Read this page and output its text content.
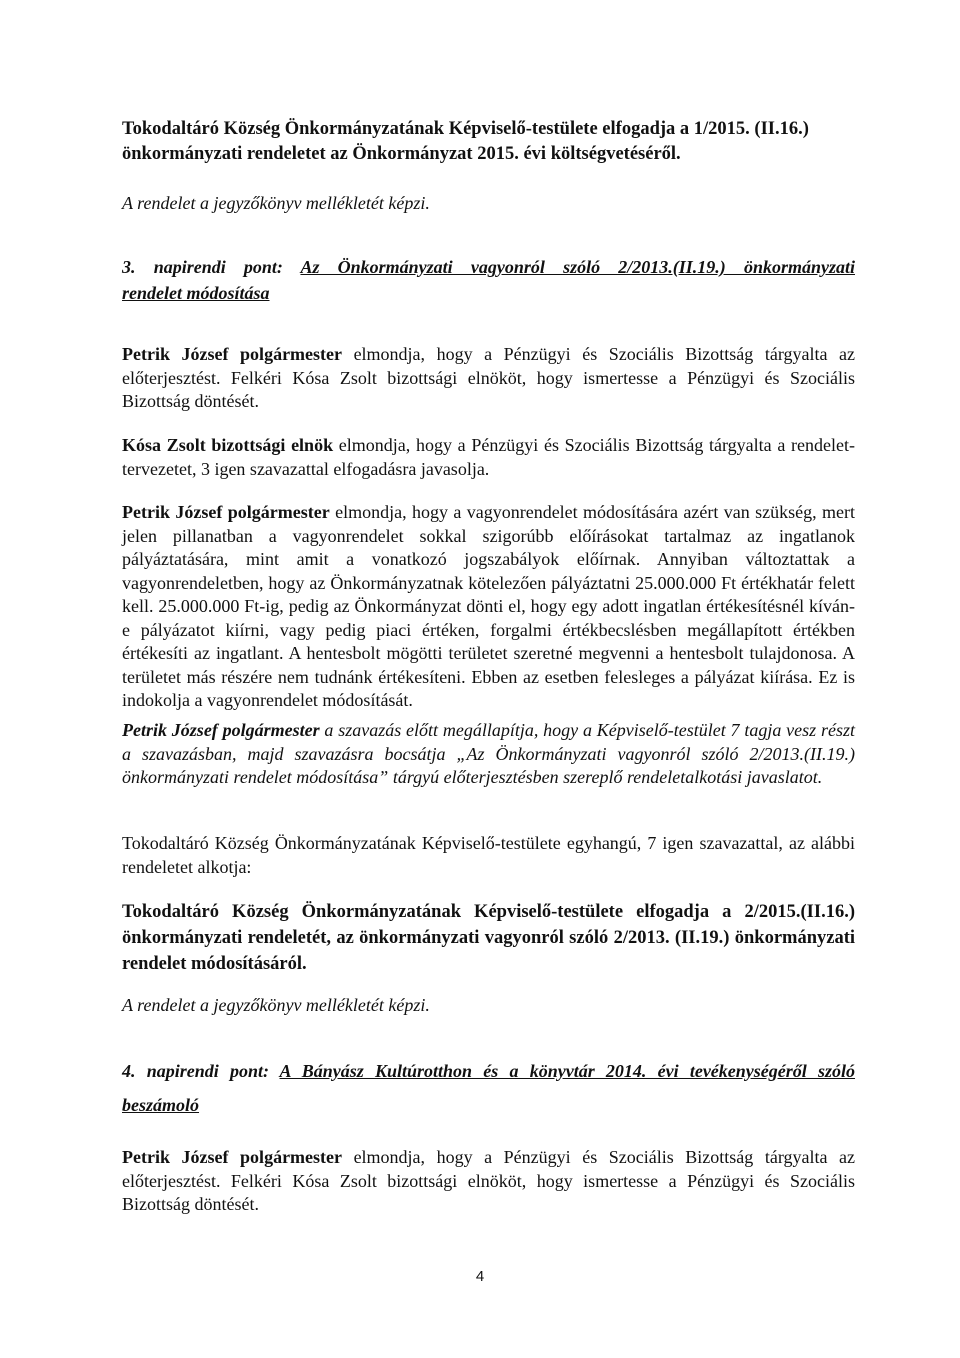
Tokodaltáró Község Önkormányzatának Képviselő-testülete elfogadja a 1/2015. (II.16.)
önkormányzati rendeletet az Önkormányzat 2015. évi költségvetéséről.

A rendelet a jegyzőkönyv mellékletét képzi.

3. napirendi pont: Az Önkormányzati vagyonról szóló 2/2013.(II.19.) önkormányzati
rendelet módosítása

Petrik József polgármester elmondja, hogy a Pénzügyi és Szociális Bizottság tárgyalta az előterjesztést. Felkéri Kósa Zsolt bizottsági elnököt, hogy ismertesse a Pénzügyi és Szociális Bizottság döntését.

Kósa Zsolt bizottsági elnök elmondja, hogy a Pénzügyi és Szociális Bizottság tárgyalta a rendelet-tervezetet, 3 igen szavazattal elfogadásra javasolja.

Petrik József polgármester elmondja, hogy a vagyonrendelet módosítására azért van szükség, mert jelen pillanatban a vagyonrendelet sokkal szigorúbb előírásokat tartalmaz az ingatlanok pályáztatására, mint amit a vonatkozó jogszabályok előírnak. Annyiban változtattak a vagyonrendeletben, hogy az Önkormányzatnak kötelezően pályáztatni 25.000.000 Ft értékhatár felett kell. 25.000.000 Ft-ig, pedig az Önkormányzat dönti el, hogy egy adott ingatlan értékesítésnél kíván-e pályázatot kiírni, vagy pedig piaci értéken, forgalmi értékbecslésben megállapított értékben értékesíti az ingatlant. A hentesbolt mögötti területet szeretné megvenni a hentesbolt tulajdonosa. A területet más részére nem tudnánk értékesíteni. Ebben az esetben felesleges a pályázat kiírása. Ez is indokolja a vagyonrendelet módosítását.

Petrik József polgármester a szavazás előtt megállapítja, hogy a Képviselő-testület 7 tagja vesz részt a szavazásban, majd szavazásra bocsátja „Az Önkormányzati vagyonról szóló 2/2013.(II.19.) önkormányzati rendelet módosítása” tárgyú előterjesztésben szereplő rendeletalkotási javaslatot.

Tokodaltáró Község Önkormányzatának Képviselő-testülete egyhangú, 7 igen szavazattal, az alábbi rendeletet alkotja:

Tokodaltáró Község Önkormányzatának Képviselő-testülete elfogadja a 2/2015.(II.16.) önkormányzati rendeletét, az önkormányzati vagyonról szóló 2/2013. (II.19.) önkormányzati rendelet módosításáról.

A rendelet a jegyzőkönyv mellékletét képzi.

4. napirendi pont: A Bányász Kultúrotthon és a könyvtár 2014. évi tevékenységéről szóló
beszámoló

Petrik József polgármester elmondja, hogy a Pénzügyi és Szociális Bizottság tárgyalta az előterjesztést. Felkéri Kósa Zsolt bizottsági elnököt, hogy ismertesse a Pénzügyi és Szociális Bizottság döntését.

4
